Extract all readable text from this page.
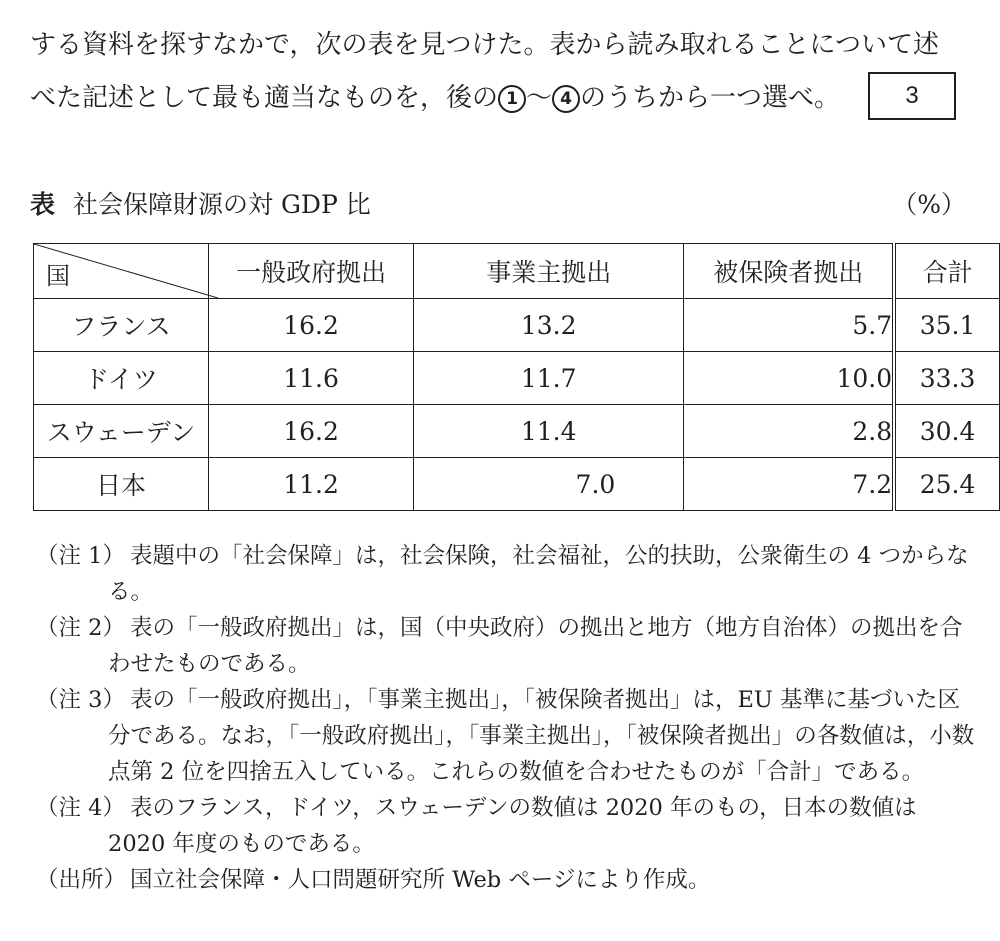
する資料を探すなかで，次の表を見つけた。表から読み取れることについて述
べた記述として最も適当なものを，後の 1 〜 4 のうちから一つ選べ。	3
表 社会保障財源の対 GDP 比	（%）
国	一般政府拠出	事業主拠出	被保険者拠出	合計
フランス	16.2	13.2	5.7	35.1
ドイツ	11.6	11.7	10.0	33.3
スウェーデン	16.2	11.4	2.8	30.4
日本	11.2	7.0	7.2	25.4
（注 1） 表題中の「社会保障」は，社会保険，社会福祉，公的扶助，公衆衛生の 4 つからなる。
（注 2） 表の「一般政府拠出」は，国（中央政府）の拠出と地方（地方自治体）の拠出を合わせたものである。
（注 3） 表の「一般政府拠出」，「事業主拠出」，「被保険者拠出」は，EU 基準に基づいた区分である。なお，「一般政府拠出」，「事業主拠出」，「被保険者拠出」の各数値は，小数点第 2 位を四捨五入している。これらの数値を合わせたものが「合計」である。
（注 4） 表のフランス，ドイツ，スウェーデンの数値は 2020 年のもの，日本の数値は 2020 年度のものである。
（出所） 国立社会保障・人口問題研究所 Web ページにより作成。
